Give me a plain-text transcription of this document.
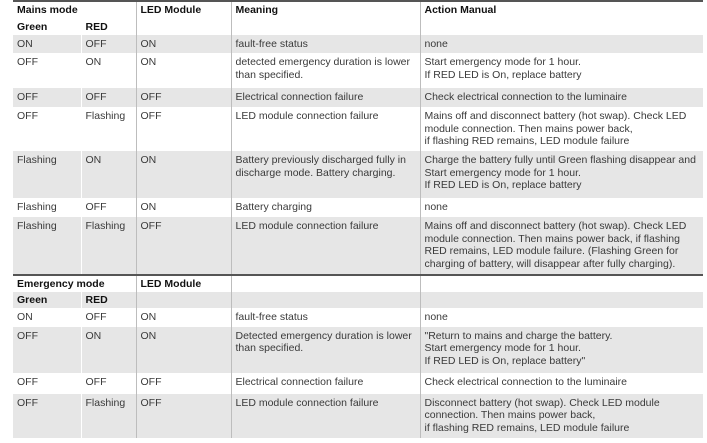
Mains mode		LED Module	Meaning	Action Manual
Green	RED			
ON	OFF	ON	fault-free status	none
OFF	ON	ON	detected emergency duration is lower than specified.	Start emergency mode for 1 hour.
If RED LED is On, replace battery
OFF	OFF	OFF	Electrical connection failure	Check electrical connection to the luminaire
OFF	Flashing	OFF	LED module connection failure	Mains off and disconnect battery (hot swap). Check LED module connection. Then mains power back,
if flashing RED remains, LED module failure
Flashing	ON	ON	Battery previously discharged fully in discharge mode. Battery charging.	Charge the battery fully until Green flashing disappear and Start emergency mode for 1 hour.
If RED LED is On, replace battery
Flashing	OFF	ON	Battery charging	none
Flashing	Flashing	OFF	LED module connection failure	Mains off and disconnect battery (hot swap). Check LED module connection. Then mains power back, if flashing RED remains, LED module failure. (Flashing Green for charging of battery, will disappear after fully charging).
Emergency mode		LED Module		
Green	RED			
ON	OFF	ON	fault-free status	none
OFF	ON	ON	Detected emergency duration is lower than specified.	"Return to mains and charge the battery.
Start emergency mode for 1 hour.
If RED LED is On, replace battery"
OFF	OFF	OFF	Electrical connection failure	Check electrical connection to the luminaire
OFF	Flashing	OFF	LED module connection failure	Disconnect battery (hot swap). Check LED module connection. Then mains power back,
if flashing RED remains, LED module failure
